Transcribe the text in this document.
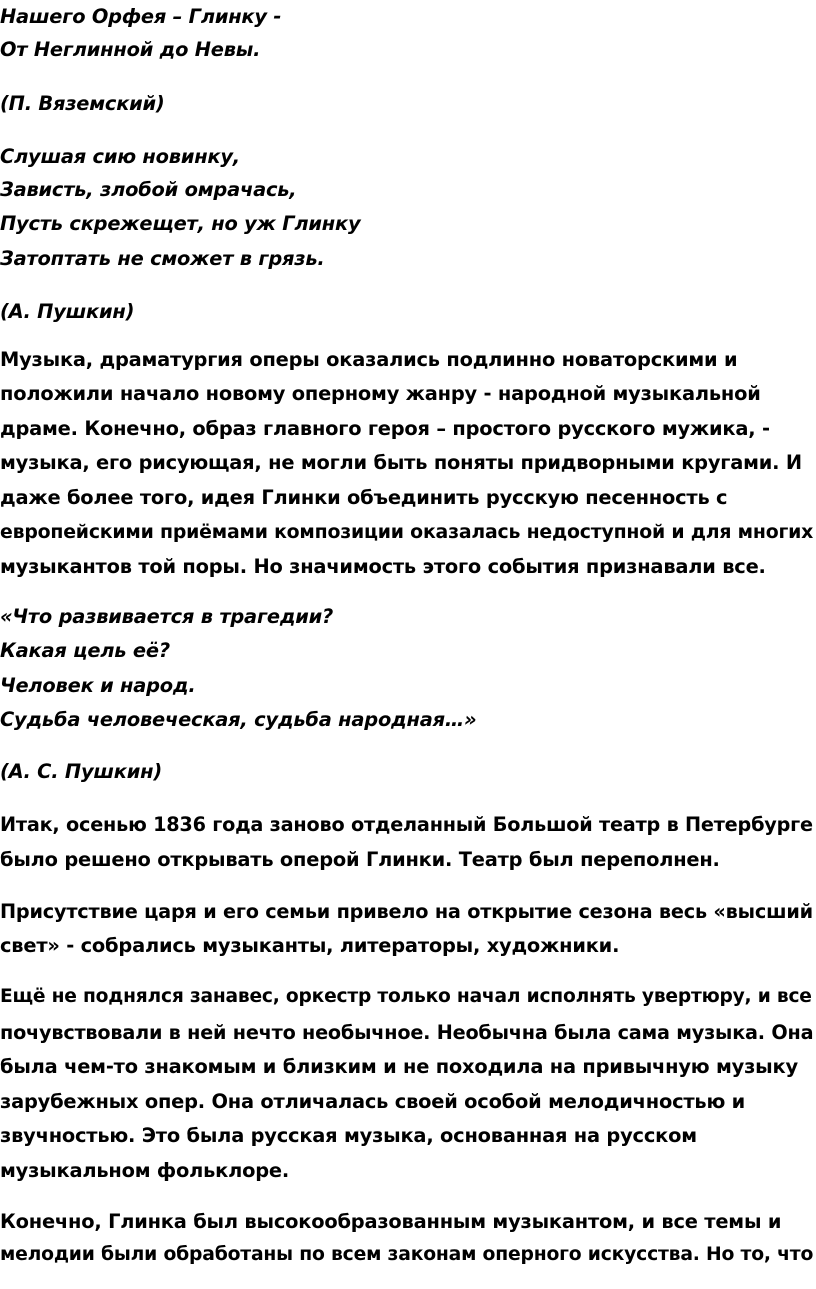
Нашего Орфея – Глинку -
От Неглинной до Невы.
(П. Вяземский)
Слушая сию новинку,
Зависть, злобой омрачась,
Пусть скрежещет, но уж Глинку
Затоптать не сможет в грязь.
(А. Пушкин)
Музыка, драматургия оперы оказались подлинно новаторскими и
положили начало новому оперному жанру - народной музыкальной
драме. Конечно, образ главного героя – простого русского мужика, -
музыка, его рисующая, не могли быть поняты придворными кругами. И
даже более того, идея Глинки объединить русскую песенность с
европейскими приёмами композиции оказалась недоступной и для многих
музыкантов той поры. Но значимость этого события признавали все.
«Что развивается в трагедии?
Какая цель её?
Человек и народ.
Судьба человеческая, судьба народная…»
(А. С. Пушкин)
Итак, осенью 1836 года заново отделанный Большой театр в Петербурге
было решено открывать оперой Глинки. Театр был переполнен.
Присутствие царя и его семьи привело на открытие сезона весь «высший
свет» - собрались музыканты, литераторы, художники.
Ещё не поднялся занавес, оркестр только начал исполнять увертюру, и все
почувствовали в ней нечто необычное. Необычна была сама музыка. Она
была чем-то знакомым и близким и не походила на привычную музыку
зарубежных опер. Она отличалась своей особой мелодичностью и
звучностью. Это была русская музыка, основанная на русском
музыкальном фольклоре.
Конечно, Глинка был высокообразованным музыкантом, и все темы и
мелодии были обработаны по всем законам оперного искусства. Но то, что
